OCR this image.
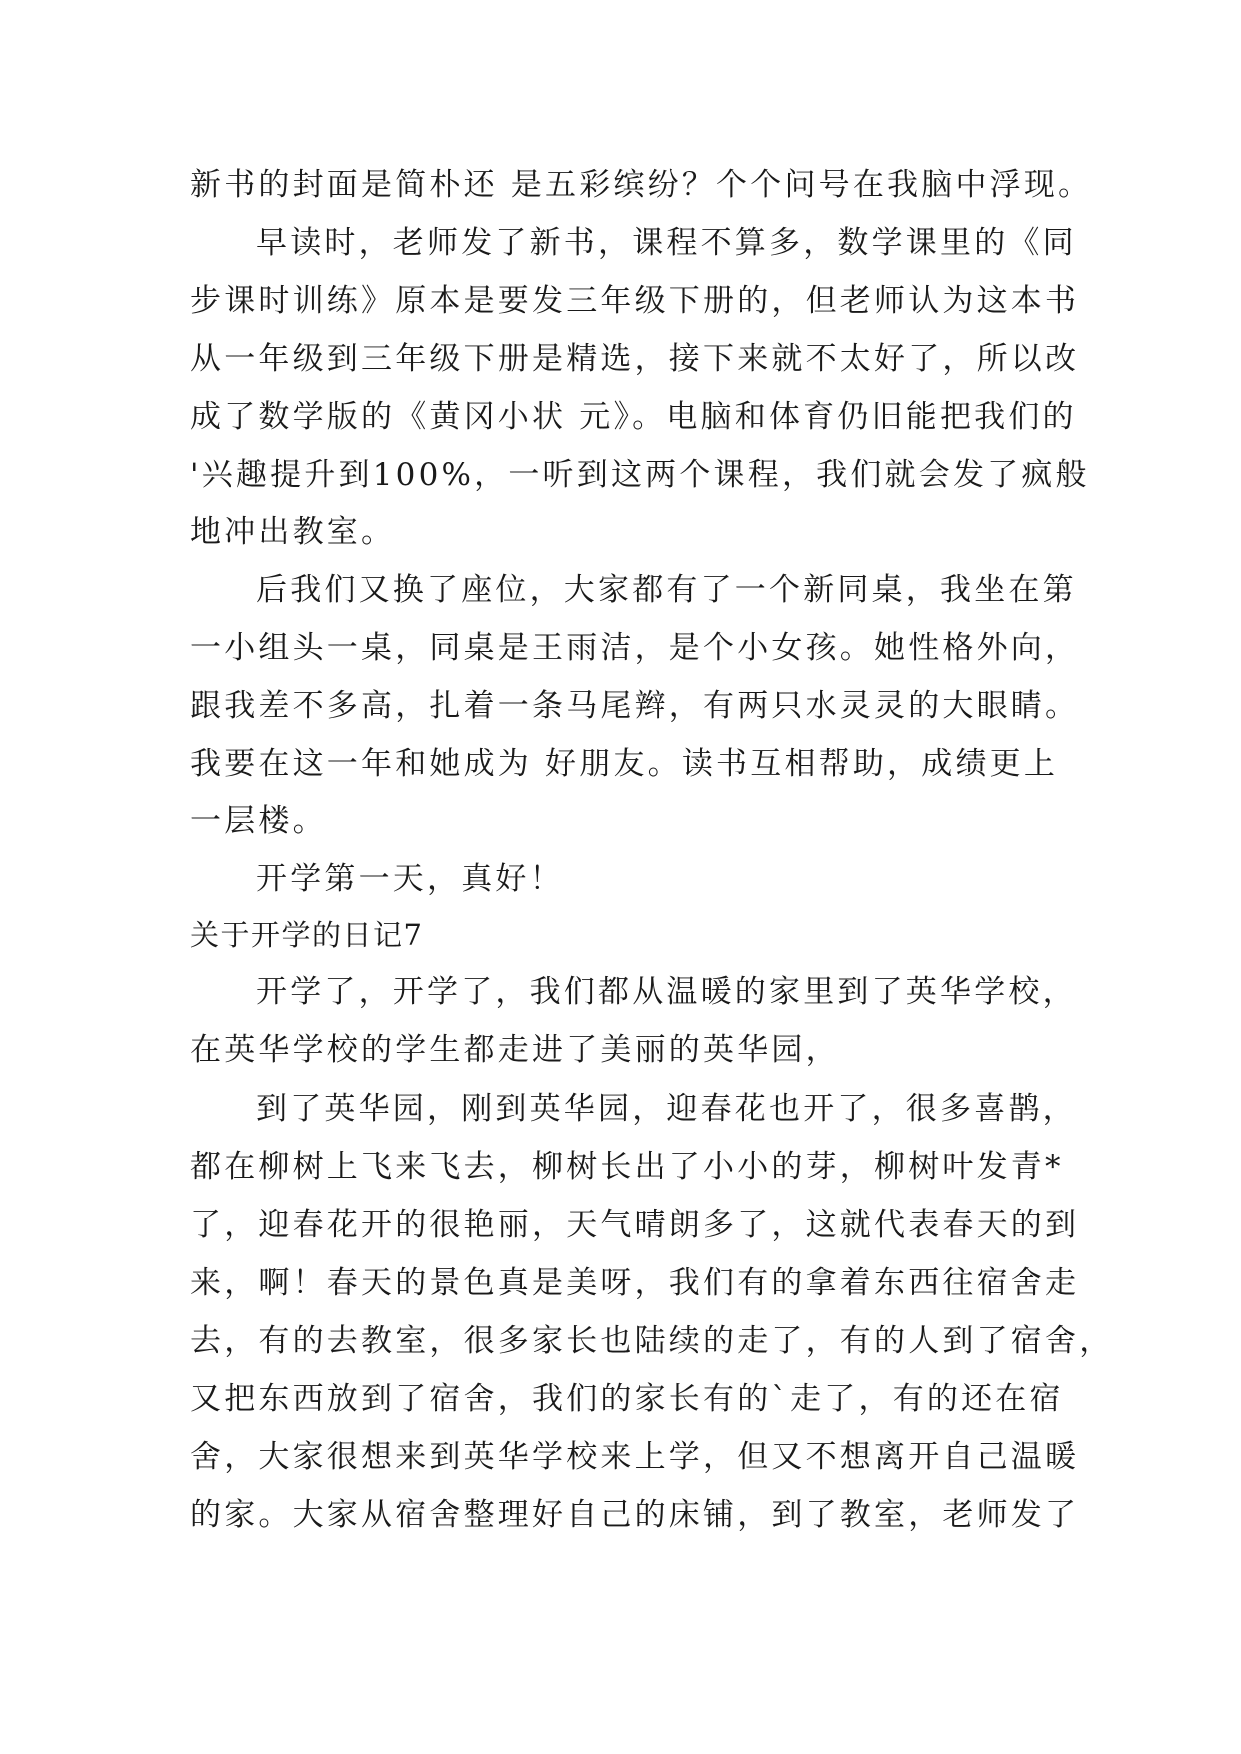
新书的封面是简朴还 是五彩缤纷？个个问号在我脑中浮现。
早读时，老师发了新书，课程不算多，数学课里的《同
步课时训练》原本是要发三年级下册的，但老师认为这本书
从一年级到三年级下册是精选，接下来就不太好了，所以改
成了数学版的《黄冈小状 元》。电脑和体育仍旧能把我们的
'兴趣提升到100%，一听到这两个课程，我们就会发了疯般
地冲出教室。
后我们又换了座位，大家都有了一个新同桌，我坐在第
一小组头一桌，同桌是王雨洁，是个小女孩。她性格外向，
跟我差不多高，扎着一条马尾辫，有两只水灵灵的大眼睛。
我要在这一年和她成为 好朋友。读书互相帮助，成绩更上
一层楼。
开学第一天，真好！
关于开学的日记7
开学了，开学了，我们都从温暖的家里到了英华学校，
在英华学校的学生都走进了美丽的英华园，
到了英华园，刚到英华园，迎春花也开了，很多喜鹊，
都在柳树上飞来飞去，柳树长出了小小的芽，柳树叶发青*
了，迎春花开的很艳丽，天气晴朗多了，这就代表春天的到
来，啊！春天的景色真是美呀，我们有的拿着东西往宿舍走
去，有的去教室，很多家长也陆续的走了，有的人到了宿舍，
又把东西放到了宿舍，我们的家长有的`走了，有的还在宿
舍，大家很想来到英华学校来上学，但又不想离开自己温暖
的家。大家从宿舍整理好自己的床铺，到了教室，老师发了
